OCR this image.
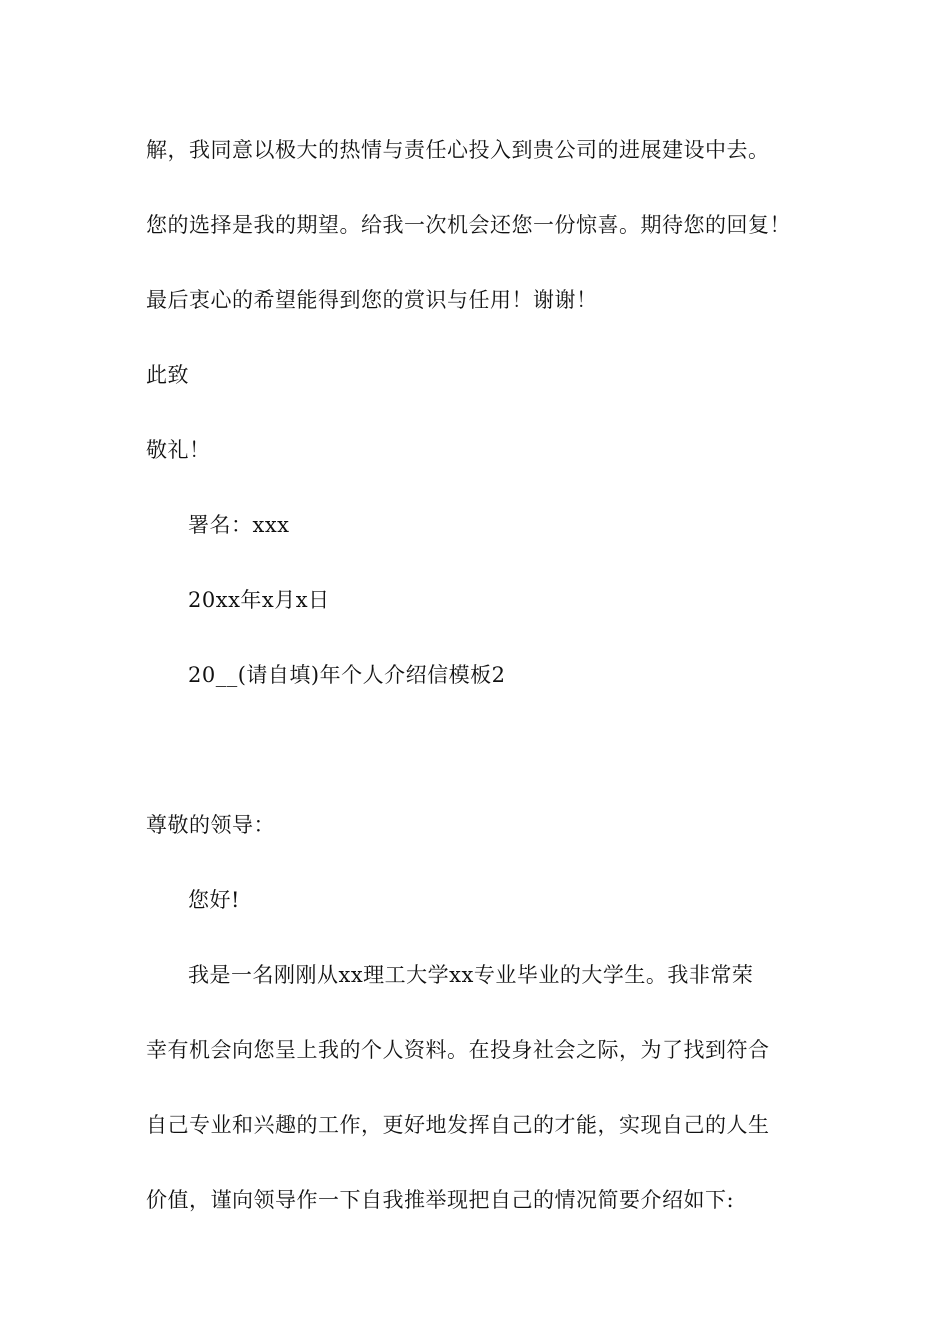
解，我同意以极大的热情与责任心投入到贵公司的进展建设中去。
您的选择是我的期望。给我一次机会还您一份惊喜。期待您的回复！
最后衷心的希望能得到您的赏识与任用！谢谢！
此致
敬礼！
署名：xxx
20xx年x月x日
20__(请自填)年个人介绍信模板2
尊敬的领导：
您好!
我是一名刚刚从xx理工大学xx专业毕业的大学生。我非常荣
幸有机会向您呈上我的个人资料。在投身社会之际，为了找到符合
自己专业和兴趣的工作，更好地发挥自己的才能，实现自己的人生
价值，谨向领导作一下自我推举现把自己的情况简要介绍如下:
